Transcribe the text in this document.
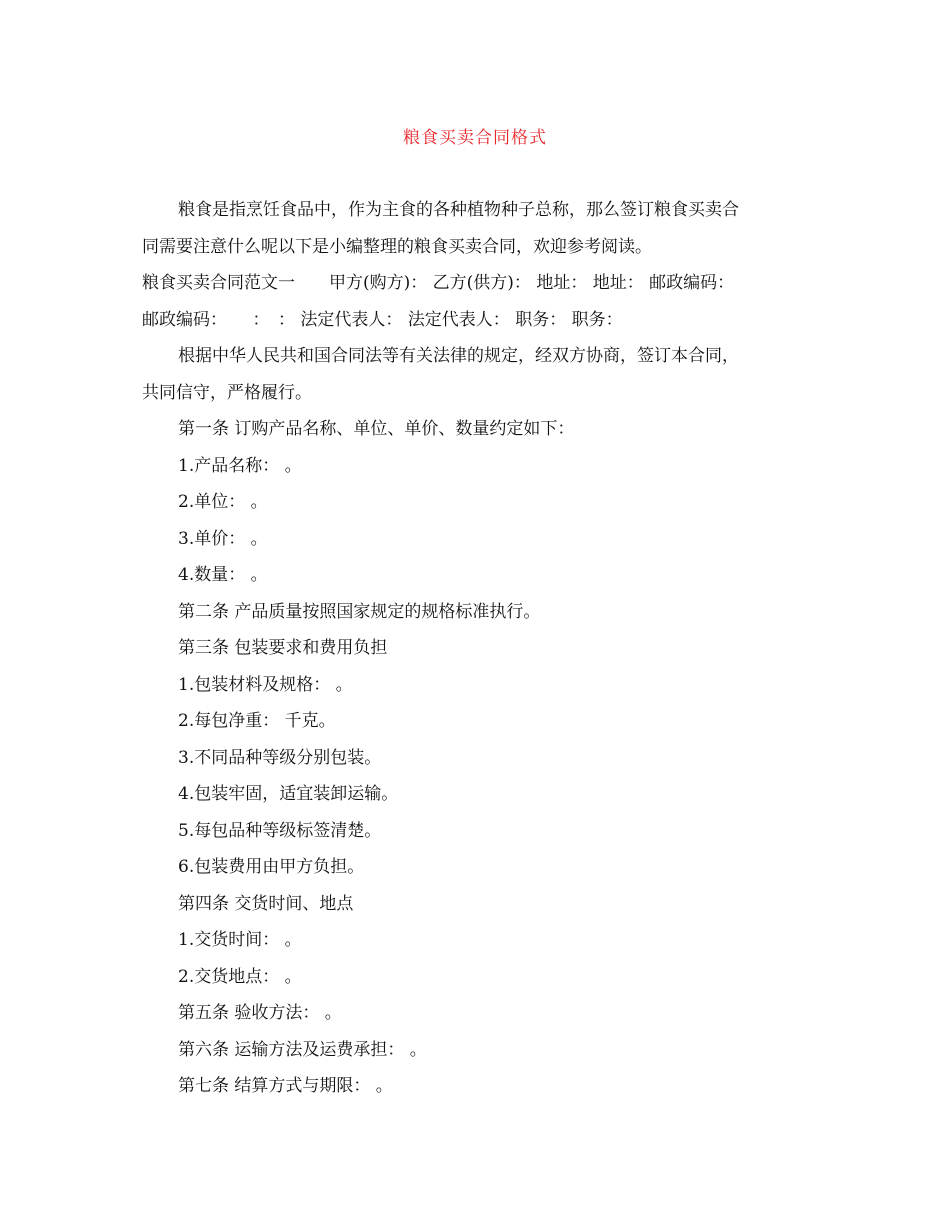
粮食买卖合同格式
粮食是指烹饪食品中，作为主食的各种植物种子总称，那么签订粮食买卖合
同需要注意什么呢以下是小编整理的粮食买卖合同，欢迎参考阅读。
粮食买卖合同范文一　　甲方(购方)： 乙方(供方)： 地址： 地址： 邮政编码：
邮政编码：　　：　： 法定代表人： 法定代表人： 职务： 职务：
根据中华人民共和国合同法等有关法律的规定，经双方协商，签订本合同，
共同信守，严格履行。
第一条 订购产品名称、单位、单价、数量约定如下：
1.产品名称： 。
2.单位： 。
3.单价： 。
4.数量： 。
第二条 产品质量按照国家规定的规格标准执行。
第三条 包装要求和费用负担
1.包装材料及规格： 。
2.每包净重： 千克。
3.不同品种等级分别包装。
4.包装牢固，适宜装卸运输。
5.每包品种等级标签清楚。
6.包装费用由甲方负担。
第四条 交货时间、地点
1.交货时间： 。
2.交货地点： 。
第五条 验收方法： 。
第六条 运输方法及运费承担： 。
第七条 结算方式与期限： 。
